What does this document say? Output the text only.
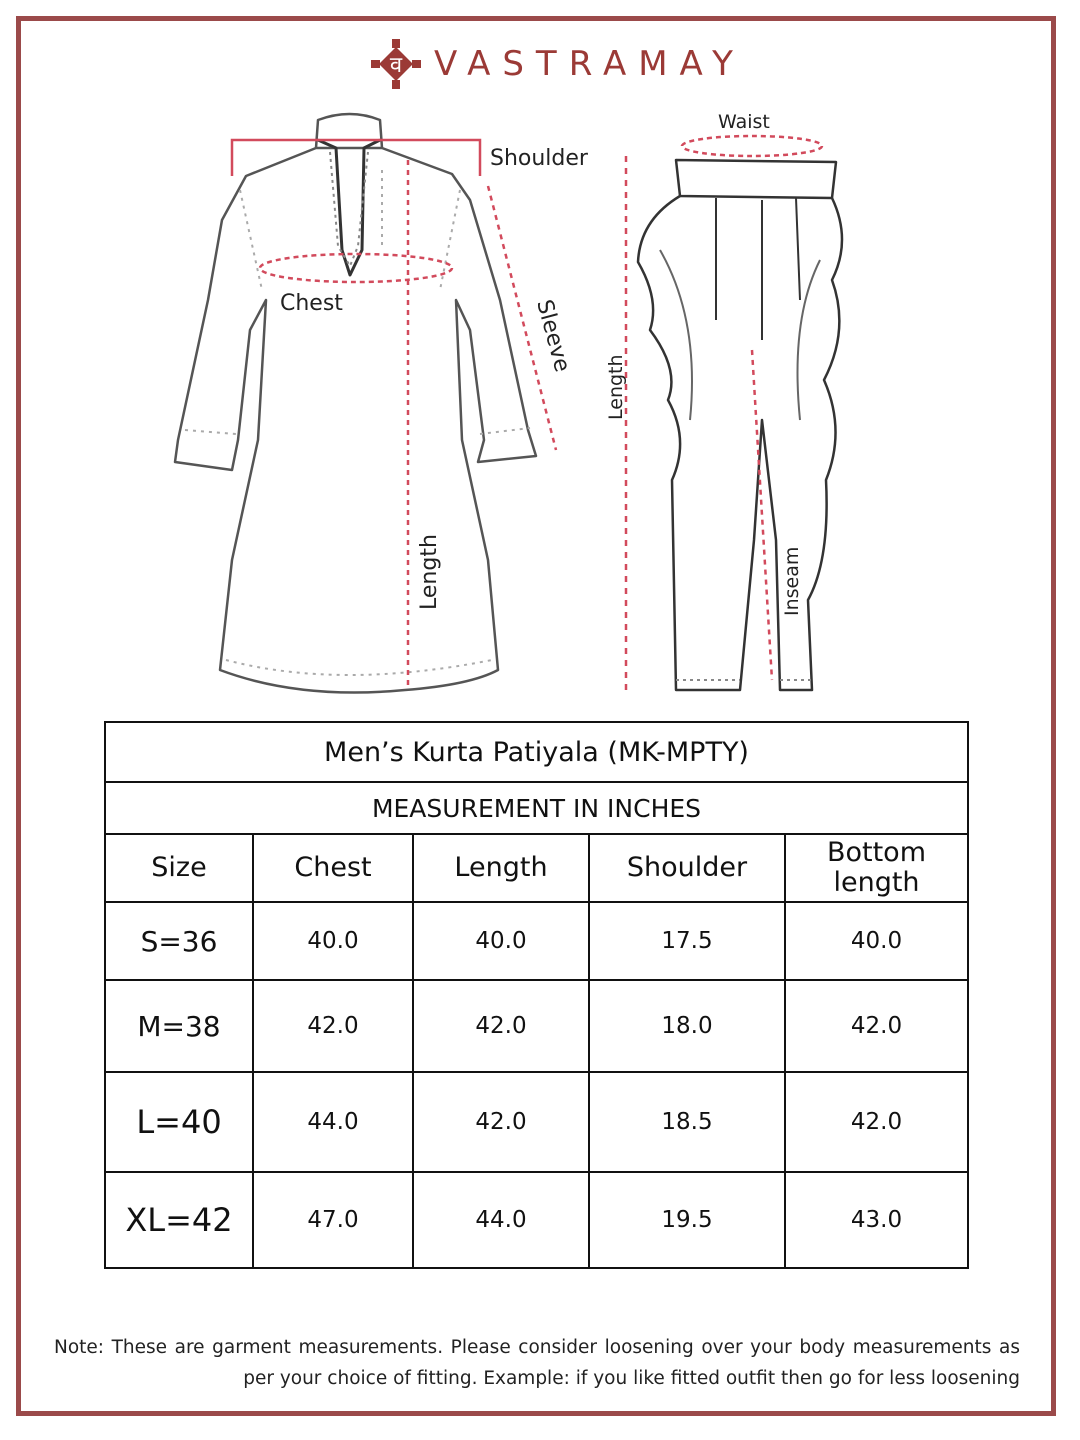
व VASTRAMAY
Shoulder
Chest	Sleeve
Length
Waist
Length
Inseam
Men’s Kurta Patiyala (MK-MPTY)				
MEASUREMENT IN INCHES				
Size	Chest	Length	Shoulder	Bottom length
S=36	40.0	40.0	17.5	40.0
M=38	42.0	42.0	18.0	42.0
L=40	44.0	42.0	18.5	42.0
XL=42	47.0	44.0	19.5	43.0
Note: These are garment measurements. Please consider loosening over your body measurements as per your choice of fitting. Example: if you like fitted outfit then go for less loosening
